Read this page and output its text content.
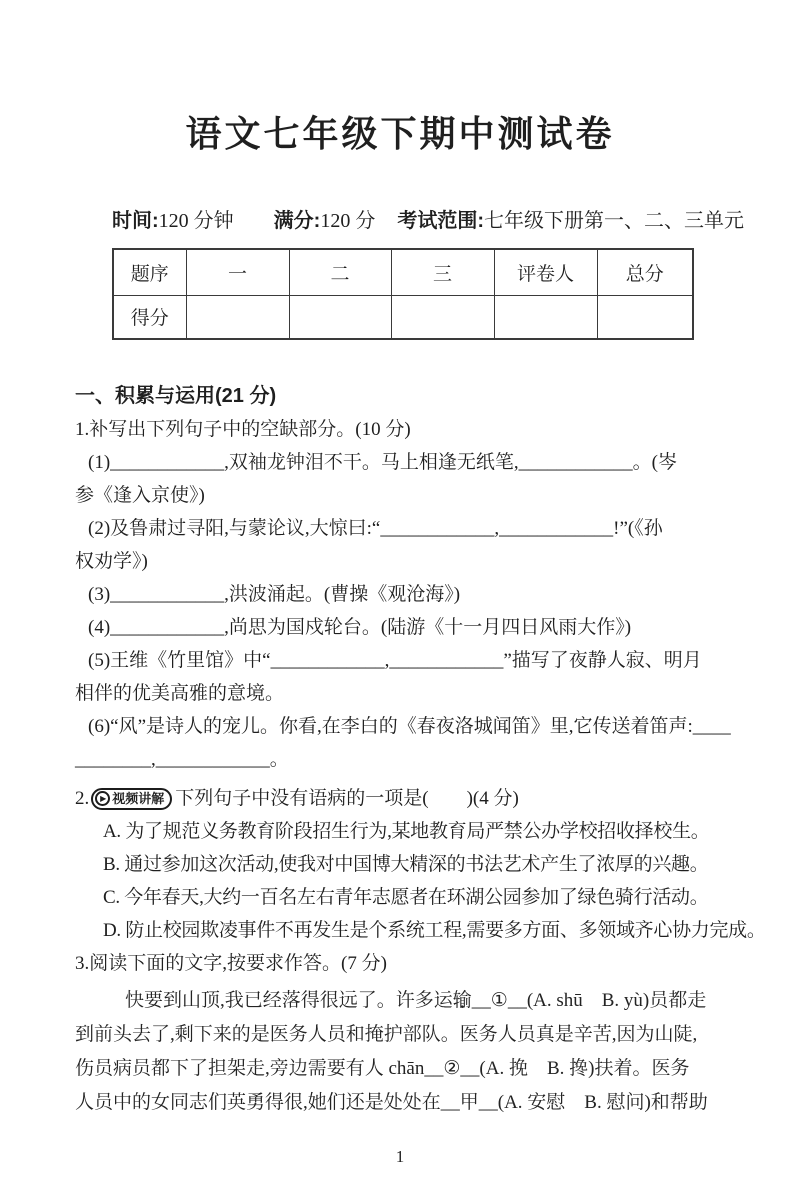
语文七年级下期中测试卷
时间:120 分钟 满分:120 分 考试范围:七年级下册第一、二、三单元
题序	一	二	三	评卷人	总分
得分					
一、积累与运用(21 分)
1.补写出下列句子中的空缺部分。(10 分)
(1)____________,双袖龙钟泪不干。马上相逢无纸笔,____________。(岑
参《逢入京使》)
(2)及鲁肃过寻阳,与蒙论议,大惊曰:“____________,____________!”(《孙
权劝学》)
(3)____________,洪波涌起。(曹操《观沧海》)
(4)____________,尚思为国戍轮台。(陆游《十一月四日风雨大作》)
(5)王维《竹里馆》中“____________,____________”描写了夜静人寂、明月
相伴的优美高雅的意境。
(6)“风”是诗人的宠儿。你看,在李白的《春夜洛城闻笛》里,它传送着笛声:____
________,____________。
2.	▶ 视频讲解 下列句子中没有语病的一项是(　　)(4 分)
A. 为了规范义务教育阶段招生行为,某地教育局严禁公办学校招收择校生。
B. 通过参加这次活动,使我对中国博大精深的书法艺术产生了浓厚的兴趣。
C. 今年春天,大约一百名左右青年志愿者在环湖公园参加了绿色骑行活动。
D. 防止校园欺凌事件不再发生是个系统工程,需要多方面、多领域齐心协力完成。
3.阅读下面的文字,按要求作答。(7 分)
快要到山顶,我已经落得很远了。许多运输__①__(A. shū　B. yù)员都走
到前头去了,剩下来的是医务人员和掩护部队。医务人员真是辛苦,因为山陡,
伤员病员都下了担架走,旁边需要有人 chān__②__(A. 挽　B. 搀)扶着。医务
人员中的女同志们英勇得很,她们还是处处在__甲__(A. 安慰　B. 慰问)和帮助
1
